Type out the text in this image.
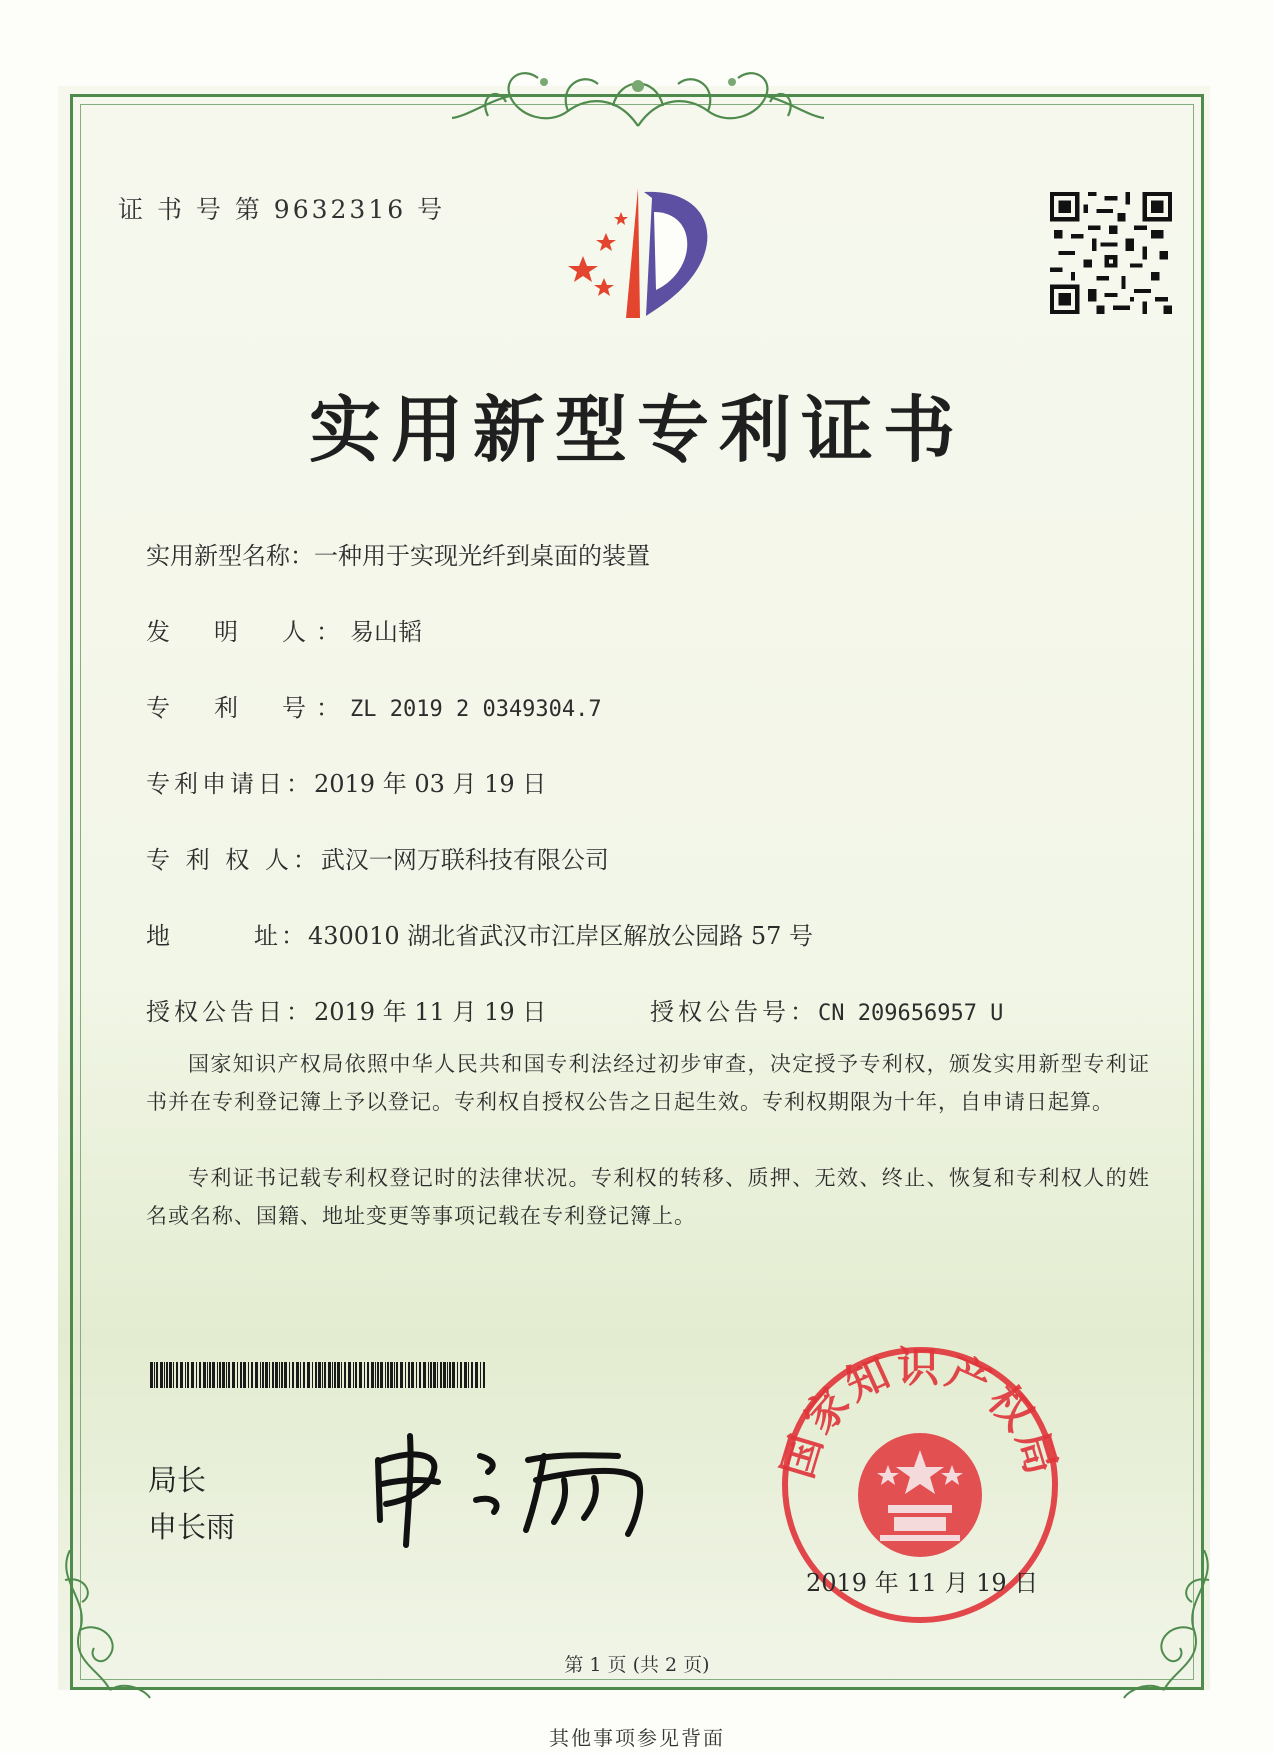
证 书 号 第 9632316 号
实用新型专利证书
实用新型名称：一种用于实现光纤到桌面的装置
发　明　人：易山韬
专　利　号：ZL 2019 2 0349304.7
专利申请日：2019 年 03 月 19 日
专 利 权 人：武汉一网万联科技有限公司
地　　　址：430010 湖北省武汉市江岸区解放公园路 57 号
授权公告日：2019 年 11 月 19 日	授权公告号：CN 209656957 U

国家知识产权局依照中华人民共和国专利法经过初步审查，决定授予专利权，颁发实用新型专利证书并在专利登记簿上予以登记。专利权自授权公告之日起生效。专利权期限为十年，自申请日起算。

专利证书记载专利权登记时的法律状况。专利权的转移、质押、无效、终止、恢复和专利权人的姓名或名称、国籍、地址变更等事项记载在专利登记簿上。

局长
申长雨
国家知识产权局
2019 年 11 月 19 日
第 1 页 (共 2 页)
其他事项参见背面
